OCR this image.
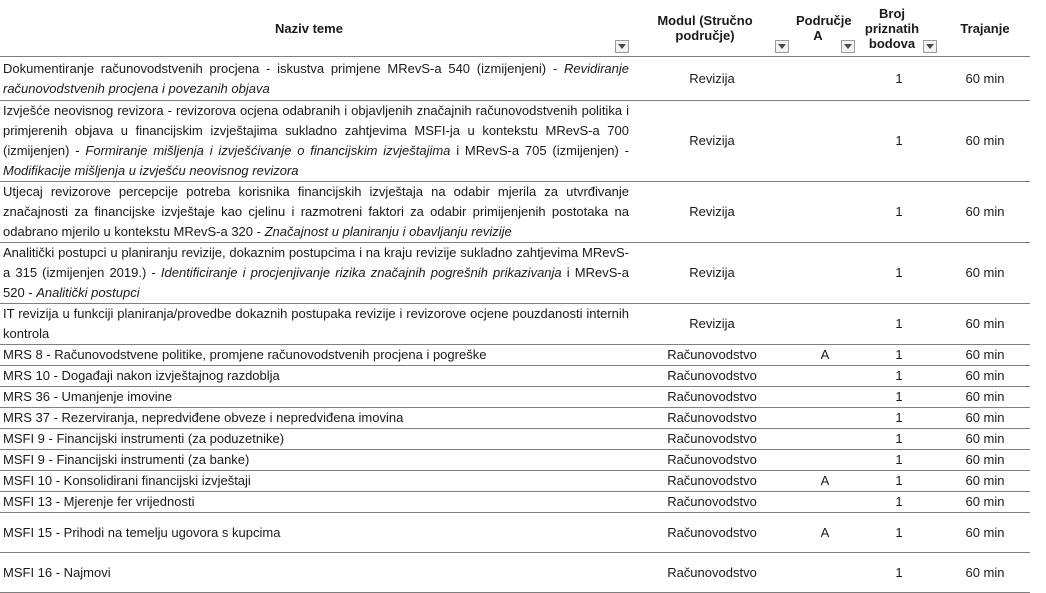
Naziv teme	Modul (Stručno područje)	Područje A	Broj priznatih bodova	Trajanje

Dokumentiranje računovodstvenih procjena - iskustva primjene MRevS-a 540 (izmijenjeni) - Revidiranje računovodstvenih procjena i povezanih objava	Revizija		1	60 min
Izvješće neovisnog revizora - revizorova ocjena odabranih i objavljenih značajnih računovodstvenih politika i primjerenih objava u financijskim izvještajima sukladno zahtjevima MSFI-ja u kontekstu MRevS-a 700 (izmijenjen) - Formiranje mišljenja i izvješćivanje o financijskim izvještajima i MRevS-a 705 (izmijenjen) - Modifikacije mišljenja u izvješću neovisnog revizora	Revizija		1	60 min
Utjecaj revizorove percepcije potreba korisnika financijskih izvještaja na odabir mjerila za utvrđivanje značajnosti za financijske izvještaje kao cjelinu i razmotreni faktori za odabir primijenjenih postotaka na odabrano mjerilo u kontekstu MRevS-a 320 - Značajnost u planiranju i obavljanju revizije	Revizija		1	60 min
Analitički postupci u planiranju revizije, dokaznim postupcima i na kraju revizije sukladno zahtjevima MRevS-a 315 (izmijenjen 2019.) - Identificiranje i procjenjivanje rizika značajnih pogrešnih prikazivanja i MRevS-a 520 - Analitički postupci	Revizija		1	60 min
IT revizija u funkciji planiranja/provedbe dokaznih postupaka revizije i revizorove ocjene pouzdanosti internih kontrola	Revizija		1	60 min
MRS 8 - Računovodstvene politike, promjene računovodstvenih procjena i pogreške	Računovodstvo	A	1	60 min
MRS 10 - Događaji nakon izvještajnog razdoblja	Računovodstvo		1	60 min
MRS 36 - Umanjenje imovine	Računovodstvo		1	60 min
MRS 37 - Rezerviranja, nepredviđene obveze i nepredviđena imovina	Računovodstvo		1	60 min
MSFI 9 - Financijski instrumenti (za poduzetnike)	Računovodstvo		1	60 min
MSFI 9 - Financijski instrumenti (za banke)	Računovodstvo		1	60 min
MSFI 10 - Konsolidirani financijski izvještaji	Računovodstvo	A	1	60 min
MSFI 13 - Mjerenje fer vrijednosti	Računovodstvo		1	60 min
MSFI 15 - Prihodi na temelju ugovora s kupcima	Računovodstvo	A	1	60 min
MSFI 16 - Najmovi	Računovodstvo		1	60 min
